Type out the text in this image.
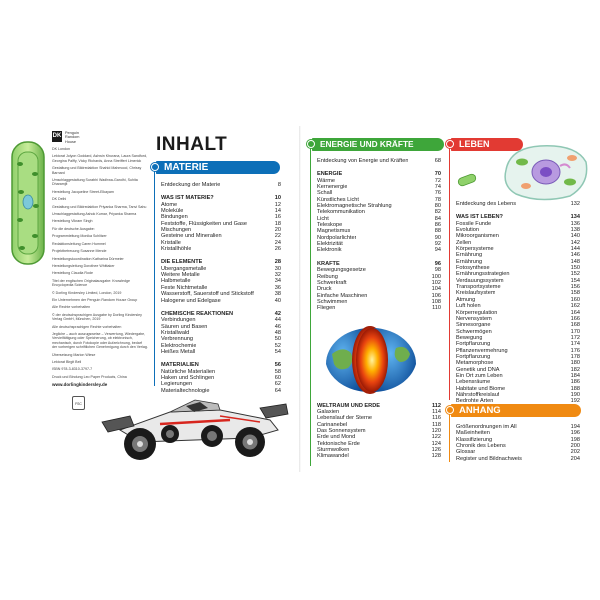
DK Penguin
Random
House

DK London

Lektorat Jolyon Goddard, Ashwin Khurana, Laura Sandford, Georgina Palffy, Vicky Richards, Anna Streiffert Limerick

Gestaltung und Bildredaktion Shahid Mahmood, Chrissy Barnard

Umschlaggestaltung Surabhi Wadhwa-Gandhi, Suhita Dharamjit

Herstellung Jacqueline Street-Elkayam

DK Delhi

Gestaltung und Bildredaktion Priyanka Sharma, Tanvi Sahu

Umschlaggestaltung Ashok Kumar, Priyanka Sharma

Herstellung Vikram Singh

Für die deutsche Ausgabe:

Programmleitung Monika Schlitzer

Redaktionsleitung Caren Hummel

Projektbetreuung Susanne Mende

Herstellungskoordination Katharina Dürmeier

Herstellungsleitung Dorothee Whittaker

Herstellung Claudia Rode

Titel der englischen Originalausgabe: Knowledge Encyclopedia Science

© Dorling Kindersley Limited, London, 2019

Ein Unternehmen der Penguin Random House Group

Alle Rechte vorbehalten

© der deutschsprachigen Ausgabe by Dorling Kindersley Verlag GmbH, München, 2019

Alle deutschsprachigen Rechte vorbehalten

Jegliche – auch auszugsweise – Verwertung, Wiedergabe, Vervielfältigung oder Speicherung, ob elektronisch, mechanisch, durch Fotokopie oder Aufzeichnung, bedarf der vorherigen schriftlichen Genehmigung durch den Verlag.

Übersetzung Marion Wiese

Lektorat Birgit Beil

ISBN 978-3-8310-3797-7

Druck und Bindung Leo Paper Products, China

www.dorlingkindersley.de

FSC
INHALT
MATERIE
Entdeckung der Materie	8
WAS IST MATERIE?	10
Atome	12
Moleküle	14
Bindungen	16
Feststoffe, Flüssigkeiten und Gase	18
Mischungen	20
Gesteine und Mineralien	22
Kristalle	24
Kristallhöhle	26
DIE ELEMENTE	28
Übergangsmetalle	30
Weitere Metalle	32
Halbmetalle	34
Feste Nichtmetalle	36
Wasserstoff, Sauerstoff und Stickstoff	38
Halogene und Edelgase	40
CHEMISCHE REAKTIONEN	42
Verbindungen	44
Säuren und Basen	46
Kristallwald	48
Verbrennung	50
Elektrochemie	52
Heißes Metall	54
MATERIALIEN	56
Natürliche Materialien	58
Haken und Schlingen	60
Legierungen	62
Materialtechnologie	64
ENERGIE UND KRÄFTE
Entdeckung von Energie und Kräften	68
ENERGIE	70
Wärme	72
Kernenergie	74
Schall	76
Künstliches Licht	78
Elektromagnetische Strahlung	80
Telekommunikation	82
Licht	84
Teleskope	86
Magnetismus	88
Nordpolarlichter	90
Elektrizität	92
Elektronik	94
KRÄFTE	96
Bewegungsgesetze	98
Reibung	100
Schwerkraft	102
Druck	104
Einfache Maschinen	106
Schwimmen	108
Fliegen	110
WELTRAUM UND ERDE	112
Galaxien	114
Lebenslauf der Sterne	116
Carinanebel	118
Das Sonnensystem	120
Erde und Mond	122
Tektonische Erde	124
Sturmwolken	126
Klimawandel	128
LEBEN
Entdeckung des Lebens	132
WAS IST LEBEN?	134
Fossile Funde	136
Evolution	138
Mikroorganismen	140
Zellen	142
Körpersysteme	144
Ernährung	146
Ernährung	148
Fotosynthese	150
Ernährungsstrategien	152
Verdauungssystem	154
Transportsysteme	156
Kreislaufsystem	158
Atmung	160
Luft holen	162
Körperregulation	164
Nervensystem	166
Sinnesorgane	168
Schwermögen	170
Bewegung	172
Fortpflanzung	174
Pflanzenvermehrung	176
Fortpflanzung	178
Metamorphose	180
Genetik und DNA	182
Ein Ort zum Leben	184
Lebensräume	186
Habitate und Biome	188
Nährstoffkreislauf	190
Bedrohte Arten	192
ANHANG
Größenordnungen im All	194
Maßeinheiten	196
Klassifizierung	198
Chronik des Lebens	200
Glossar	202
Register und Bildnachweis	204
